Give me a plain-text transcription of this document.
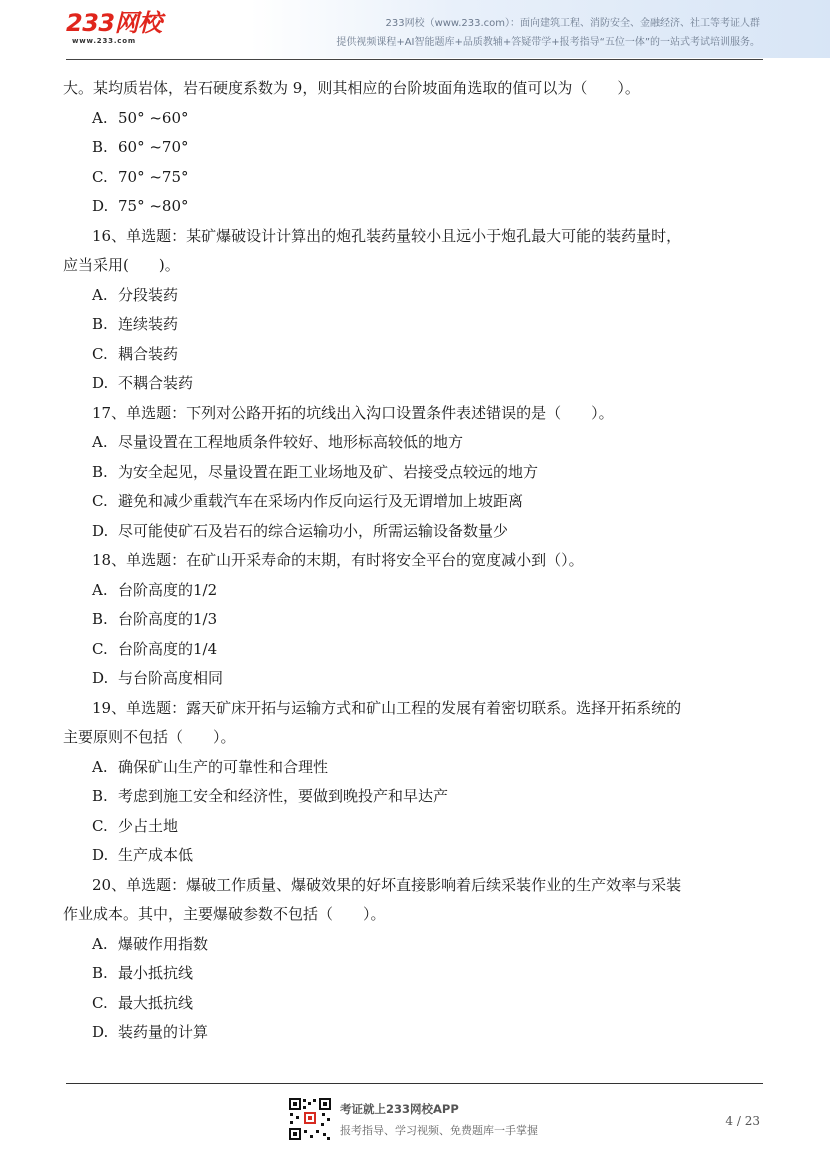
233网校
www.233.com
233网校（www.233.com）：面向建筑工程、消防安全、金融经济、社工等考证人群
提供视频课程+AI智能题库+品质教辅+答疑带学+报考指导“五位一体”的一站式考试培训服务。
大。某均质岩体，岩石硬度系数为 9，则其相应的台阶坡面角选取的值可以为（　　）。
A. 50° ~60°
B. 60° ~70°
C. 70° ~75°
D. 75° ~80°
16、单选题：某矿爆破设计计算出的炮孔装药量较小且远小于炮孔最大可能的装药量时，
应当采用(　　)。
A. 分段装药
B. 连续装药
C. 耦合装药
D. 不耦合装药
17、单选题：下列对公路开拓的坑线出入沟口设置条件表述错误的是（　　）。
A. 尽量设置在工程地质条件较好、地形标高较低的地方
B. 为安全起见，尽量设置在距工业场地及矿、岩接受点较远的地方
C. 避免和减少重载汽车在采场内作反向运行及无谓增加上坡距离
D. 尽可能使矿石及岩石的综合运输功小，所需运输设备数量少
18、单选题：在矿山开采寿命的末期，有时将安全平台的宽度减小到（）。
A. 台阶高度的1/2
B. 台阶高度的1/3
C. 台阶高度的1/4
D. 与台阶高度相同
19、单选题：露天矿床开拓与运输方式和矿山工程的发展有着密切联系。选择开拓系统的
主要原则不包括（　　）。
A. 确保矿山生产的可靠性和合理性
B. 考虑到施工安全和经济性，要做到晚投产和早达产
C. 少占土地
D. 生产成本低
20、单选题：爆破工作质量、爆破效果的好坏直接影响着后续采装作业的生产效率与采装
作业成本。其中，主要爆破参数不包括（　　）。
A. 爆破作用指数
B. 最小抵抗线
C. 最大抵抗线
D. 装药量的计算
考证就上233网校APP
报考指导、学习视频、免费题库一手掌握
4 / 23
